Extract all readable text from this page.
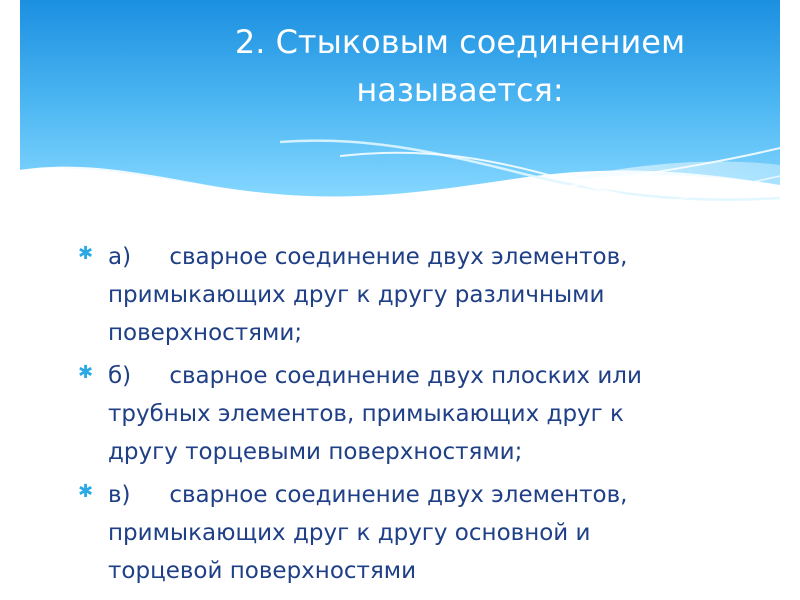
2. Стыковым соединением
называется:
✱ а) сварное соединение двух элементов,
примыкающих друг к другу различными
поверхностями;
✱ б) сварное соединение двух плоских или
трубных элементов, примыкающих друг к
другу торцевыми поверхностями;
✱ в) сварное соединение двух элементов,
примыкающих друг к другу основной и
торцевой поверхностями
